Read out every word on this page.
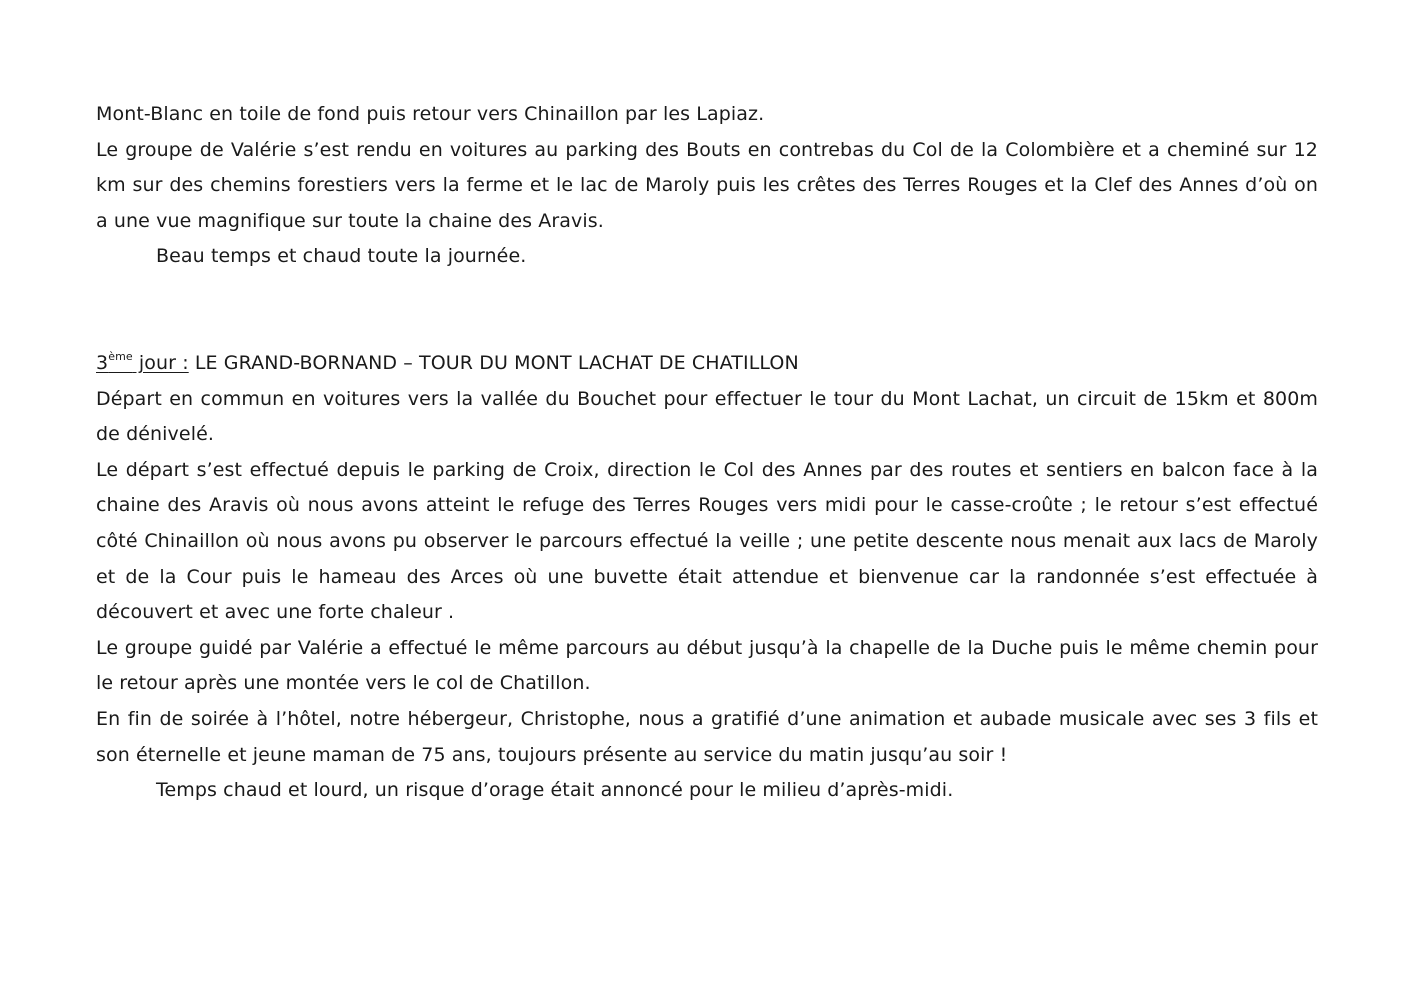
Mont-Blanc en toile de fond puis retour vers Chinaillon par les Lapiaz.

Le groupe de Valérie s’est rendu en voitures au parking des Bouts en contrebas du Col de la Colombière et a cheminé sur 12 km sur des chemins forestiers vers la ferme et le lac de Maroly puis les crêtes des Terres Rouges et la Clef des Annes d’où on a une vue magnifique sur toute la chaine des Aravis.

Beau temps et chaud toute la journée.

3ème jour : LE GRAND-BORNAND – TOUR DU MONT LACHAT DE CHATILLON

Départ en commun en voitures vers la vallée du Bouchet pour effectuer le tour du Mont Lachat, un circuit de 15km et 800m de dénivelé.

Le départ s’est effectué depuis le parking de Croix, direction le Col des Annes par des routes et sentiers en balcon face à la chaine des Aravis où nous avons atteint le refuge des Terres Rouges vers midi pour le casse-croûte ; le retour s’est effectué côté Chinaillon où nous avons pu observer le parcours effectué la veille ; une petite descente nous menait aux lacs de Maroly et de la Cour puis le hameau des Arces où une buvette était attendue et bienvenue car la randonnée s’est effectuée à découvert et avec une forte chaleur .

Le groupe guidé par Valérie a effectué le même parcours au début jusqu’à la chapelle de la Duche puis le même chemin pour le retour après une montée vers le col de Chatillon.

En fin de soirée à l’hôtel, notre hébergeur, Christophe, nous a gratifié d’une animation et aubade musicale avec ses 3 fils et son éternelle et jeune maman de 75 ans, toujours présente au service du matin jusqu’au soir !

Temps chaud et lourd, un risque d’orage était annoncé pour le milieu d’après-midi.
